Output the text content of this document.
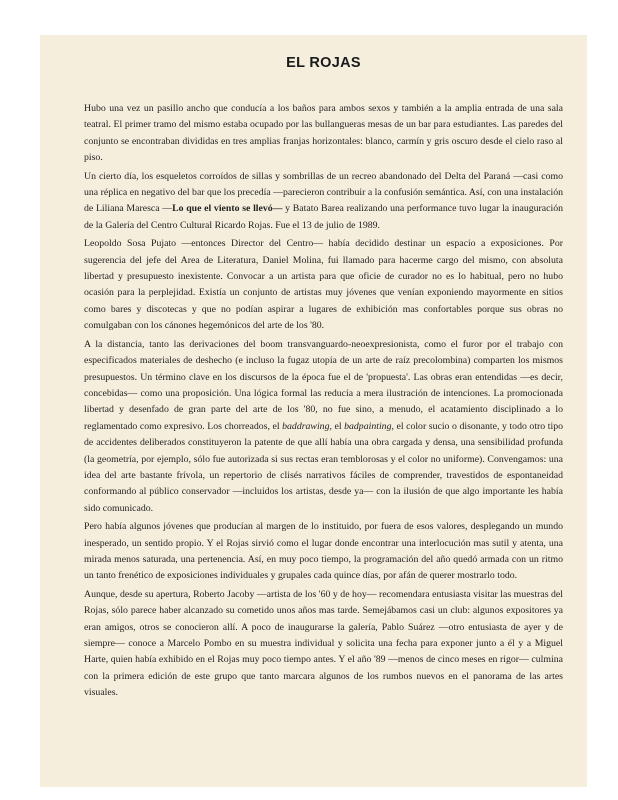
EL ROJAS

Hubo una vez un pasillo ancho que conducía a los baños para ambos sexos y también a la amplia entrada de una sala teatral. El primer tramo del mismo estaba ocupado por las bullangueras mesas de un bar para estudiantes. Las paredes del conjunto se encontraban divididas en tres amplias franjas horizontales: blanco, carmín y gris oscuro desde el cielo raso al piso.

Un cierto día, los esqueletos corroídos de sillas y sombrillas de un recreo abandonado del Delta del Paraná —casi como una réplica en negativo del bar que los precedía —parecieron contribuir a la confusión semántica. Así, con una instalación de Liliana Maresca —Lo que el viento se llevó— y Batato Barea realizando una performance tuvo lugar la inauguración de la Galería del Centro Cultural Ricardo Rojas. Fue el 13 de julio de 1989.

Leopoldo Sosa Pujato —entonces Director del Centro— había decidido destinar un espacio a exposiciones. Por sugerencia del jefe del Area de Literatura, Daniel Molina, fui llamado para hacerme cargo del mismo, con absoluta libertad y presupuesto inexistente. Convocar a un artista para que oficie de curador no es lo habitual, pero no hubo ocasión para la perplejidad. Existía un conjunto de artistas muy jóvenes que venían exponiendo mayormente en sitios como bares y discotecas y que no podían aspirar a lugares de exhibición mas confortables porque sus obras no comulgaban con los cánones hegemónicos del arte de los '80.

A la distancia, tanto las derivaciones del boom transvanguardo-neoexpresionista, como el furor por el trabajo con especificados materiales de deshecho (e incluso la fugaz utopía de un arte de raíz precolombina) comparten los mismos presupuestos. Un término clave en los discursos de la época fue el de 'propuesta'. Las obras eran entendidas —es decir, concebidas— como una proposición. Una lógica formal las reducía a mera ilustración de intenciones. La promocionada libertad y desenfado de gran parte del arte de los '80, no fue sino, a menudo, el acatamiento disciplinado a lo reglamentado como expresivo. Los chorreados, el baddrawing, el badpainting, el color sucio o disonante, y todo otro tipo de accidentes deliberados constituyeron la patente de que allí había una obra cargada y densa, una sensibilidad profunda (la geometría, por ejemplo, sólo fue autorizada si sus rectas eran temblorosas y el color no uniforme). Convengamos: una idea del arte bastante frívola, un repertorio de clisés narrativos fáciles de comprender, travestidos de espontaneidad conformando al público conservador —incluidos los artistas, desde ya— con la ilusión de que algo importante les había sido comunicado.

Pero había algunos jóvenes que producían al margen de lo instituido, por fuera de esos valores, desplegando un mundo inesperado, un sentido propio. Y el Rojas sirvió como el lugar donde encontrar una interlocución mas sutil y atenta, una mirada menos saturada, una pertenencia. Así, en muy poco tiempo, la programación del año quedó armada con un ritmo un tanto frenético de exposiciones individuales y grupales cada quince días, por afán de querer mostrarlo todo.

Aunque, desde su apertura, Roberto Jacoby —artista de los '60 y de hoy— recomendara entusiasta visitar las muestras del Rojas, sólo parece haber alcanzado su cometido unos años mas tarde. Semejábamos casi un club: algunos expositores ya eran amigos, otros se conocieron allí. A poco de inaugurarse la galería, Pablo Suárez —otro entusiasta de ayer y de siempre— conoce a Marcelo Pombo en su muestra individual y solicita una fecha para exponer junto a él y a Miguel Harte, quien había exhibido en el Rojas muy poco tiempo antes. Y el año '89 —menos de cinco meses en rigor— culmina con la primera edición de este grupo que tanto marcara algunos de los rumbos nuevos en el panorama de las artes visuales.
